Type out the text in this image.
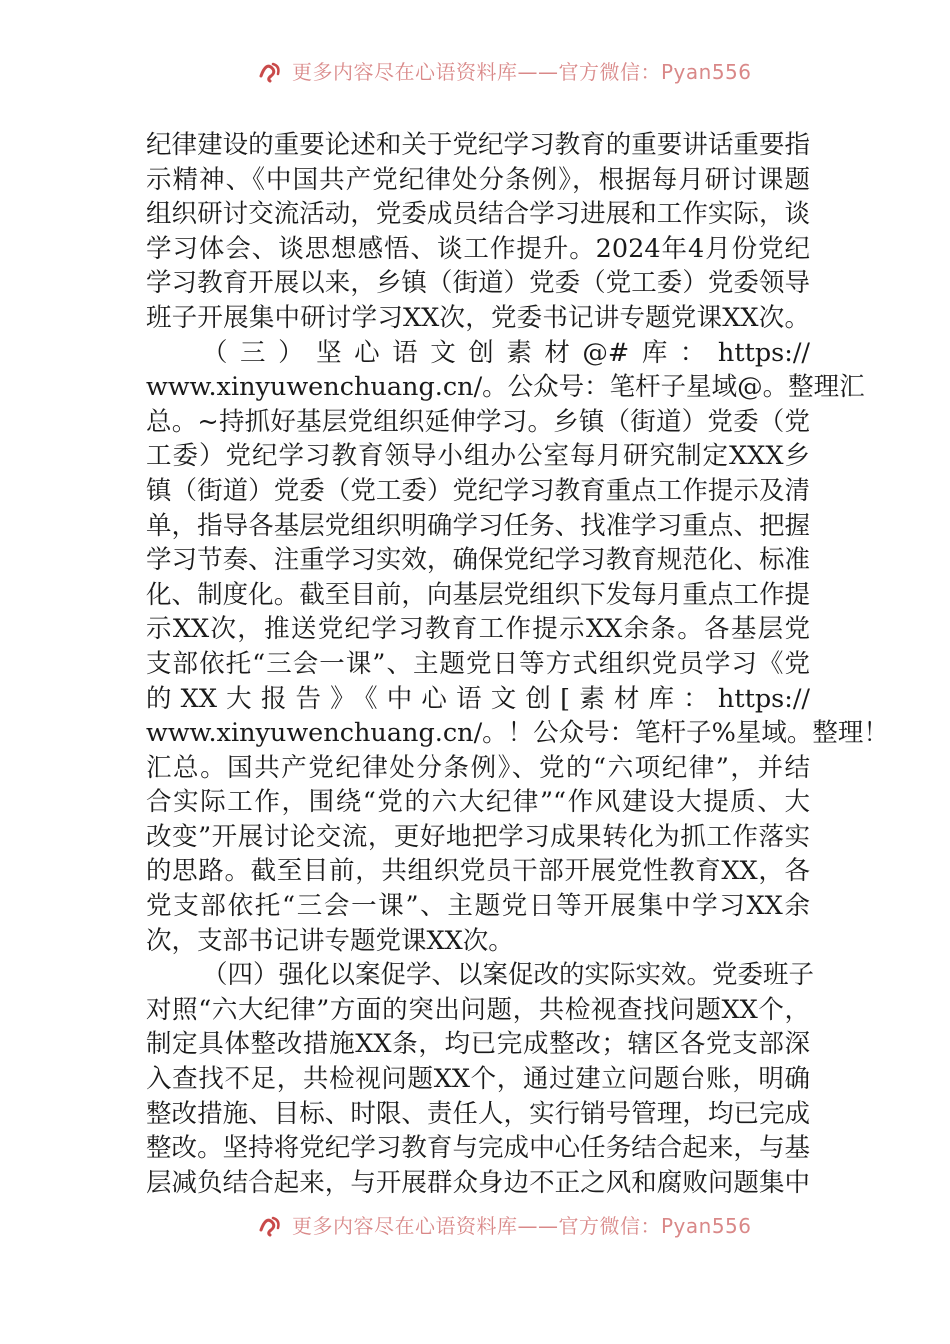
更多内容尽在心语资料库——官方微信：Pyan556
纪律建设的重要论述和关于党纪学习教育的重要讲话重要指
示精神、《中国共产党纪律处分条例》，根据每月研讨课题
组织研讨交流活动，党委成员结合学习进展和工作实际，谈
学习体会、谈思想感悟、谈工作提升。2024年4月份党纪
学习教育开展以来，乡镇（街道）党委（党工委）党委领导
班子开展集中研讨学习XX次，党委书记讲专题党课XX次。
（三）坚心语文创素材@#库：https://
www.xinyuwenchuang.cn/。公众号：笔杆子星域@。整理汇
总。~持抓好基层党组织延伸学习。乡镇（街道）党委（党
工委）党纪学习教育领导小组办公室每月研究制定XXX乡
镇（街道）党委（党工委）党纪学习教育重点工作提示及清
单，指导各基层党组织明确学习任务、找准学习重点、把握
学习节奏、注重学习实效，确保党纪学习教育规范化、标准
化、制度化。截至目前，向基层党组织下发每月重点工作提
示XX次，推送党纪学习教育工作提示XX余条。各基层党
支部依托“三会一课”、主题党日等方式组织党员学习《党
的XX大报告》《中心语文创[素材库：https://
www.xinyuwenchuang.cn/。！公众号：笔杆子%星域。整理！
汇总。国共产党纪律处分条例》、党的“六项纪律”，并结
合实际工作，围绕“党的六大纪律”“作风建设大提质、大
改变”开展讨论交流，更好地把学习成果转化为抓工作落实
的思路。截至目前，共组织党员干部开展党性教育XX，各
党支部依托“三会一课”、主题党日等开展集中学习XX余
次，支部书记讲专题党课XX次。
（四）强化以案促学、以案促改的实际实效。党委班子
对照“六大纪律”方面的突出问题，共检视查找问题XX个，
制定具体整改措施XX条，均已完成整改；辖区各党支部深
入查找不足，共检视问题XX个，通过建立问题台账，明确
整改措施、目标、时限、责任人，实行销号管理，均已完成
整改。坚持将党纪学习教育与完成中心任务结合起来，与基
层减负结合起来，与开展群众身边不正之风和腐败问题集中
更多内容尽在心语资料库——官方微信：Pyan556
